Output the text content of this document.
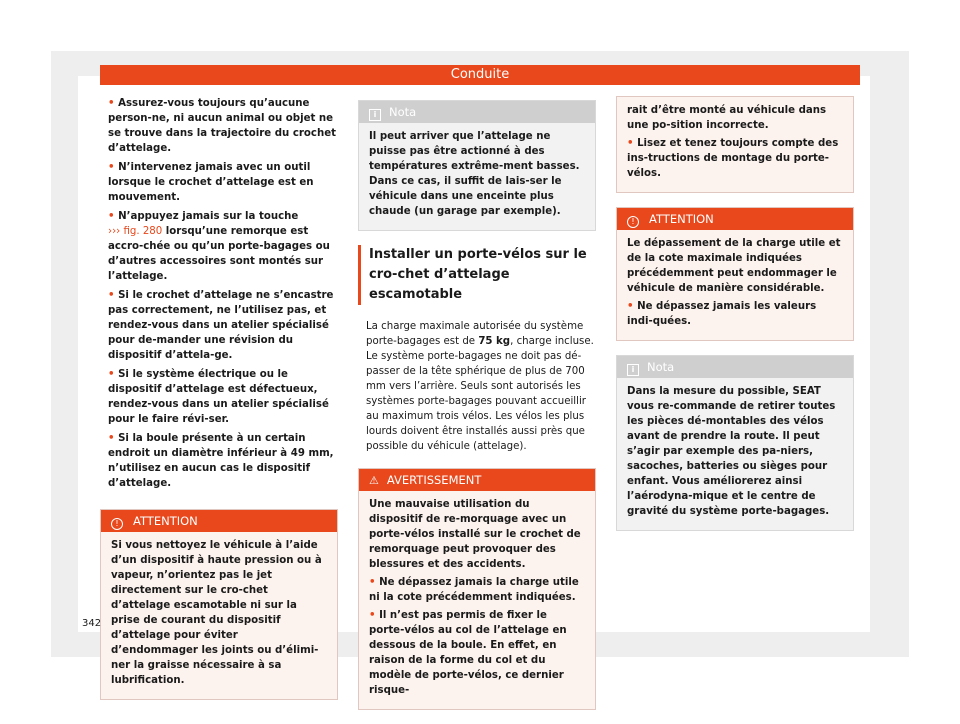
Conduite

• Assurez-vous toujours qu’aucune person-ne, ni aucun animal ou objet ne se trouve dans la trajectoire du crochet d’attelage.

• N’intervenez jamais avec un outil lorsque le crochet d’attelage est en mouvement.

• N’appuyez jamais sur la touche
››› fig. 280 lorsqu’une remorque est accro-chée ou qu’un porte-bagages ou d’autres accessoires sont montés sur l’attelage.

• Si le crochet d’attelage ne s’encastre pas correctement, ne l’utilisez pas, et rendez-vous dans un atelier spécialisé pour de-mander une révision du dispositif d’attela-ge.

• Si le système électrique ou le dispositif d’attelage est défectueux, rendez-vous dans un atelier spécialisé pour le faire révi-ser.

• Si la boule présente à un certain endroit un diamètre inférieur à 49 mm, n’utilisez en aucun cas le dispositif d’attelage.

! ATTENTION

Si vous nettoyez le véhicule à l’aide d’un dispositif à haute pression ou à vapeur, n’orientez pas le jet directement sur le cro-chet d’attelage escamotable ni sur la prise de courant du dispositif d’attelage pour éviter d’endommager les joints ou d’élimi-ner la graisse nécessaire à sa lubrification.

i Nota

Il peut arriver que l’attelage ne puisse pas être actionné à des températures extrême-ment basses. Dans ce cas, il suffit de lais-ser le véhicule dans une enceinte plus chaude (un garage par exemple).

Installer un porte-vélos sur le cro-chet d’attelage escamotable

La charge maximale autorisée du système porte-bagages est de 75 kg, charge incluse. Le système porte-bagages ne doit pas dé-passer de la tête sphérique de plus de 700 mm vers l’arrière. Seuls sont autorisés les systèmes porte-bagages pouvant accueillir au maximum trois vélos. Les vélos les plus lourds doivent être installés aussi près que possible du véhicule (attelage).

⚠ AVERTISSEMENT

Une mauvaise utilisation du dispositif de re-morquage avec un porte-vélos installé sur le crochet de remorquage peut provoquer des blessures et des accidents.

• Ne dépassez jamais la charge utile ni la cote précédemment indiquées.

• Il n’est pas permis de fixer le porte-vélos au col de l’attelage en dessous de la boule. En effet, en raison de la forme du col et du modèle de porte-vélos, ce dernier risque-

rait d’être monté au véhicule dans une po-sition incorrecte.

• Lisez et tenez toujours compte des ins-tructions de montage du porte-vélos.

! ATTENTION

Le dépassement de la charge utile et de la cote maximale indiquées précédemment peut endommager le véhicule de manière considérable.

• Ne dépassez jamais les valeurs indi-quées.

i Nota

Dans la mesure du possible, SEAT vous re-commande de retirer toutes les pièces dé-montables des vélos avant de prendre la route. Il peut s’agir par exemple des pa-niers, sacoches, batteries ou sièges pour enfant. Vous améliorerez ainsi l’aérodyna-mique et le centre de gravité du système porte-bagages.

342
